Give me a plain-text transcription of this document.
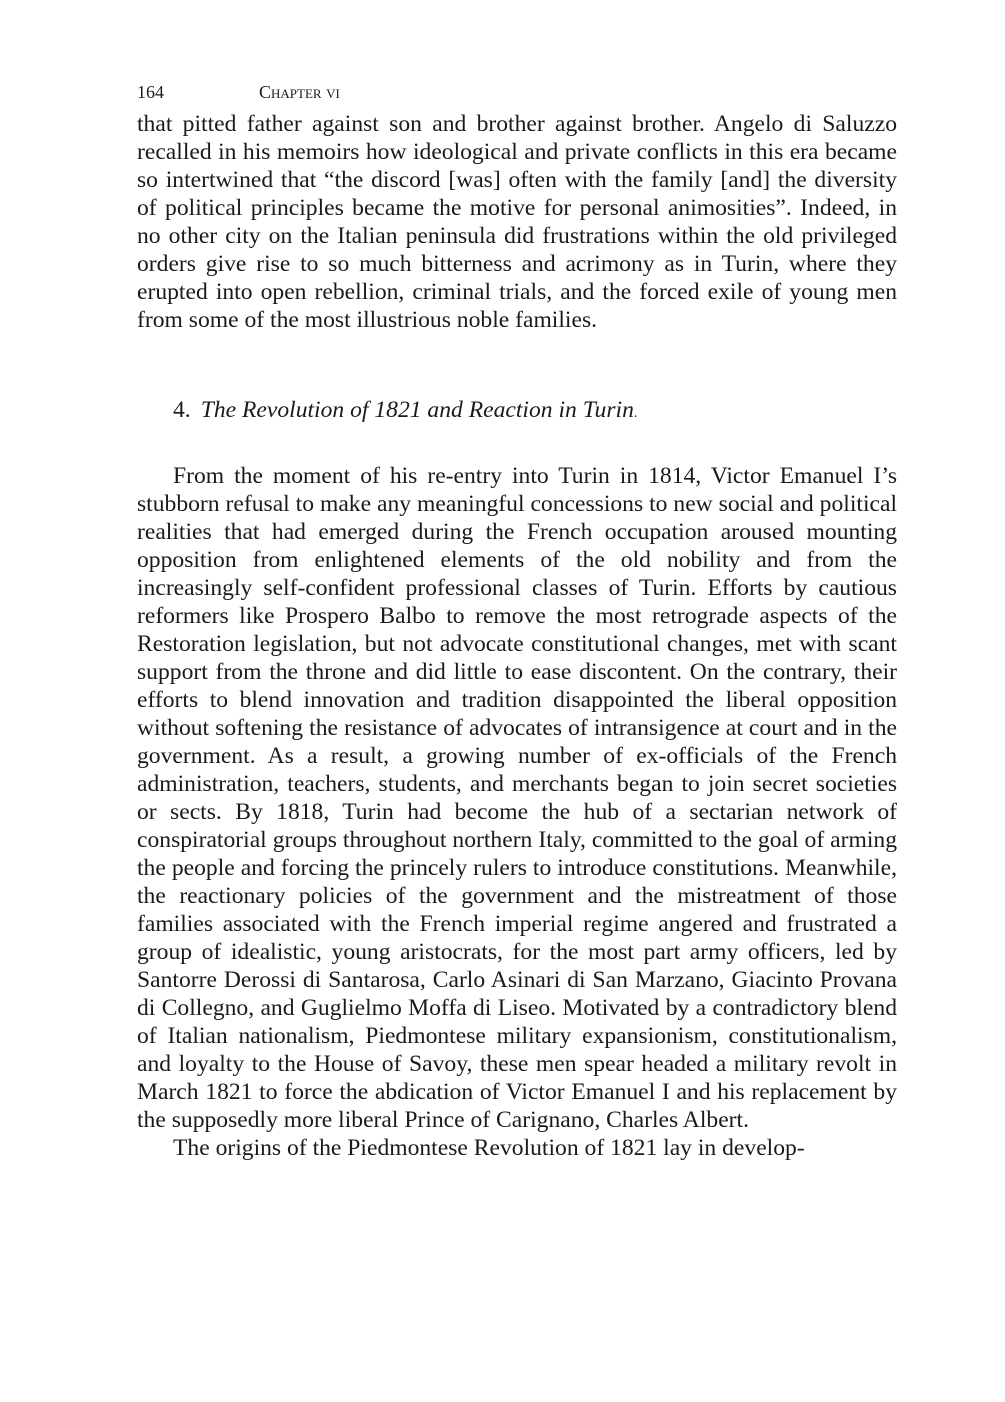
164	Chapter vi

that pitted father against son and brother against brother. Angelo di Saluzzo recalled in his memoirs how ideological and private conflicts in this era became so intertwined that “the discord [was] often with the family [and] the diversity of political principles became the motive for personal animosities”. Indeed, in no other city on the Italian peninsula did frustrations within the old privileged orders give rise to so much bitterness and acrimony as in Turin, where they erupted into open rebellion, criminal trials, and the forced exile of young men from some of the most illustrious noble families.

4. The Revolution of 1821 and Reaction in Turin.

From the moment of his re-entry into Turin in 1814, Victor Emanuel I’s stubborn refusal to make any meaningful concessions to new social and political realities that had emerged during the French occupation aroused mounting opposition from enlightened elements of the old nobility and from the increasingly self-confident professional classes of Turin. Efforts by cautious reformers like Prospero Balbo to remove the most retrograde aspects of the Restoration legislation, but not advocate constitutional changes, met with scant support from the throne and did little to ease discontent. On the contrary, their efforts to blend innovation and tradition disappointed the liberal opposition without softening the resistance of advocates of intransigence at court and in the government. As a result, a growing number of ex-officials of the French administration, teachers, students, and merchants began to join secret societies or sects. By 1818, Turin had become the hub of a sectarian network of conspiratorial groups throughout northern Italy, committed to the goal of arming the people and forcing the princely rulers to introduce constitutions. Meanwhile, the reactionary policies of the government and the mistreatment of those families associated with the French imperial regime angered and frustrated a group of idealistic, young aristocrats, for the most part army officers, led by Santorre Derossi di Santarosa, Carlo Asinari di San Marzano, Giacinto Provana di Collegno, and Guglielmo Moffa di Liseo. Motivated by a contradictory blend of Italian nationalism, Piedmontese military expansionism, constitutionalism, and loyalty to the House of Savoy, these men spear headed a military revolt in March 1821 to force the abdication of Victor Emanuel I and his replacement by the supposedly more liberal Prince of Carignano, Charles Albert.

The origins of the Piedmontese Revolution of 1821 lay in develop-
